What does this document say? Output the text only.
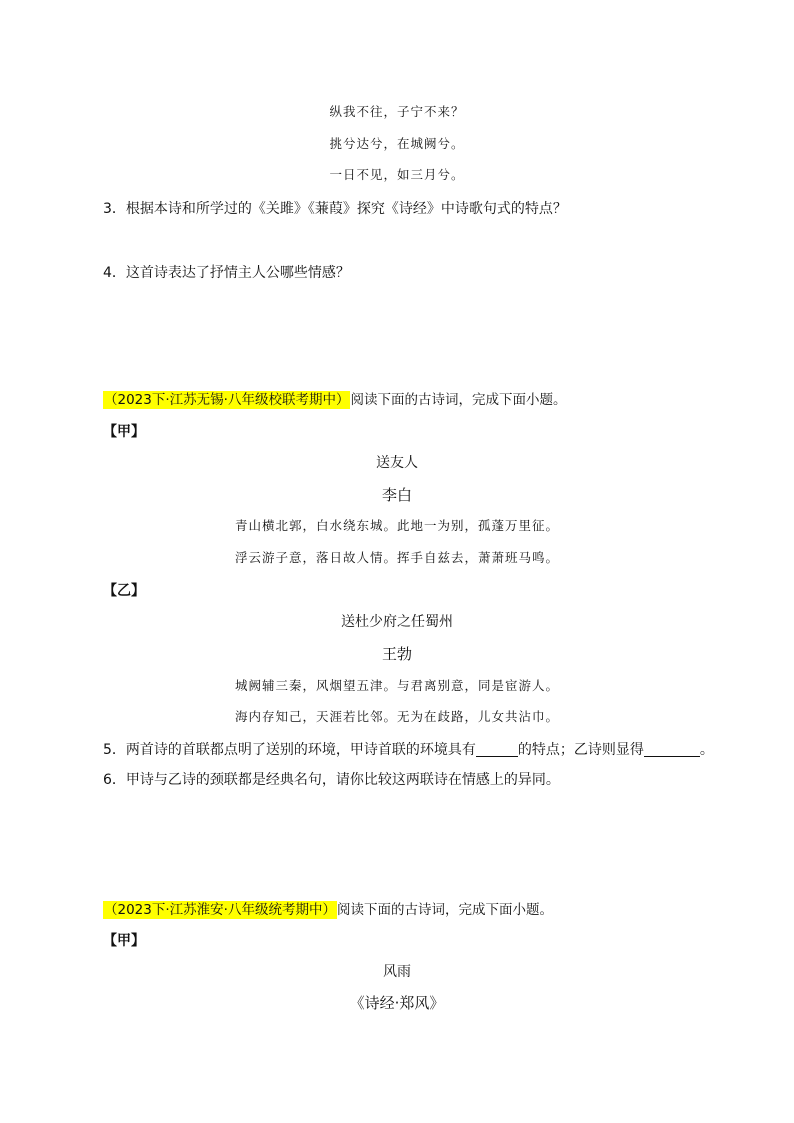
纵我不往，子宁不来？
挑兮达兮，在城阙兮。
一日不见，如三月兮。
3．根据本诗和所学过的《关雎》《蒹葭》探究《诗经》中诗歌句式的特点？
4．这首诗表达了抒情主人公哪些情感？
（2023下·江苏无锡·八年级校联考期中）阅读下面的古诗词，完成下面小题。
【甲】
送友人
李白
青山横北郭，白水绕东城。此地一为别，孤蓬万里征。
浮云游子意，落日故人情。挥手自兹去，萧萧班马鸣。
【乙】
送杜少府之任蜀州
王勃
城阙辅三秦，风烟望五津。与君离别意，同是宦游人。
海内存知己，天涯若比邻。无为在歧路，儿女共沾巾。
5．两首诗的首联都点明了送别的环境，甲诗首联的环境具有	的特点；乙诗则显得	。
6．甲诗与乙诗的颈联都是经典名句，请你比较这两联诗在情感上的异同。
（2023下·江苏淮安·八年级统考期中）阅读下面的古诗词，完成下面小题。
【甲】
风雨
《诗经·郑风》
